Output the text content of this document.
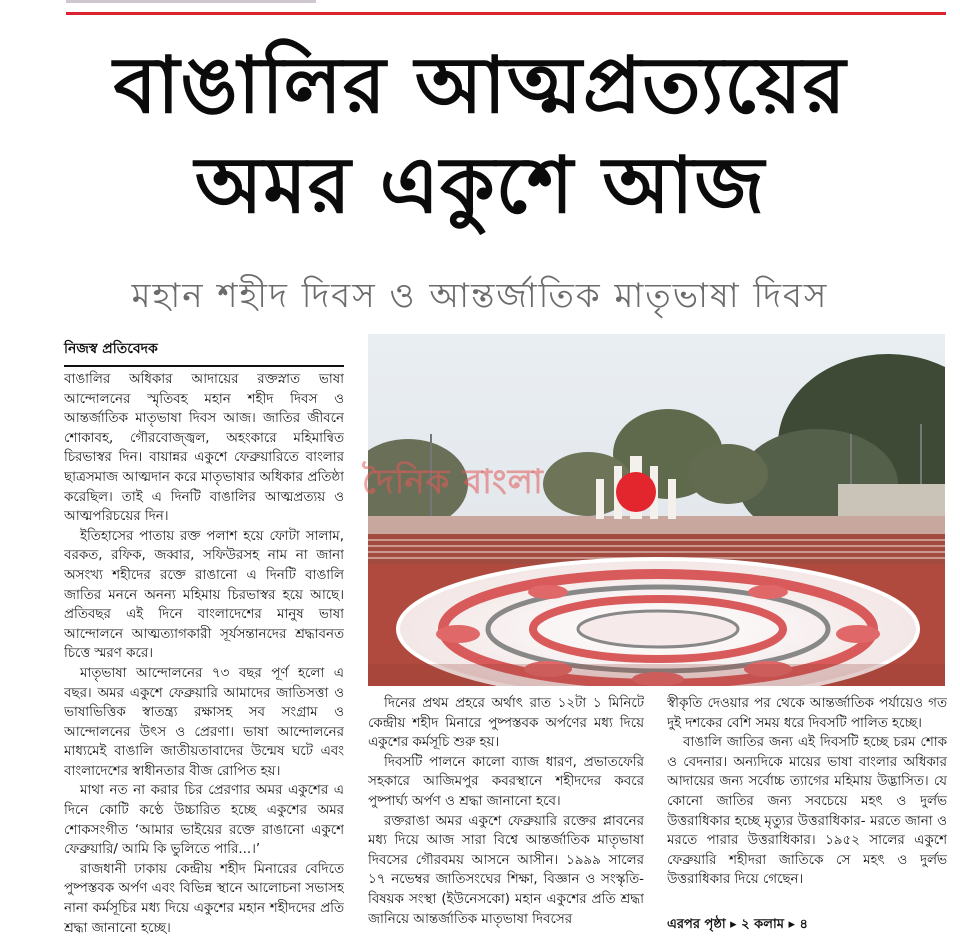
বাঙালির আত্মপ্রত্যয়ের
অমর একুশে আজ
মহান শহীদ দিবস ও আন্তর্জাতিক মাতৃভাষা দিবস
নিজস্ব প্রতিবেদক

বাঙালির অধিকার আদায়ের রক্তস্নাত ভাষা আন্দোলনের স্মৃতিবহ মহান শহীদ দিবস ও আন্তর্জাতিক মাতৃভাষা দিবস আজ। জাতির জীবনে শোকাবহ, গৌরবোজ্জ্বল, অহংকারে মহিমান্বিত চিরভাস্বর দিন। বায়ান্নর একুশে ফেব্রুয়ারিতে বাংলার ছাত্রসমাজ আত্মদান করে মাতৃভাষার অধিকার প্রতিষ্ঠা করেছিল। তাই এ দিনটি বাঙালির আত্মপ্রত্যয় ও আত্মপরিচয়ের দিন।

ইতিহাসের পাতায় রক্ত পলাশ হয়ে ফোটা সালাম, বরকত, রফিক, জব্বার, সফিউরসহ নাম না জানা অসংখ্য শহীদের রক্তে রাঙানো এ দিনটি বাঙালি জাতির মননে অনন্য মহিমায় চিরভাস্বর হয়ে আছে। প্রতিবছর এই দিনে বাংলাদেশের মানুষ ভাষা আন্দোলনে আত্মত্যাগকারী সূর্যসন্তানদের শ্রদ্ধাবনত চিত্তে স্মরণ করে।

মাতৃভাষা আন্দোলনের ৭৩ বছর পূর্ণ হলো এ বছর। অমর একুশে ফেব্রুয়ারি আমাদের জাতিসত্তা ও ভাষাভিত্তিক স্বাতন্ত্র্য রক্ষাসহ সব সংগ্রাম ও আন্দোলনের উৎস ও প্রেরণা। ভাষা আন্দোলনের মাধ্যমেই বাঙালি জাতীয়তাবাদের উন্মেষ ঘটে এবং বাংলাদেশের স্বাধীনতার বীজ রোপিত হয়।

মাথা নত না করার চির প্রেরণার অমর একুশের এ দিনে কোটি কণ্ঠে উচ্চারিত হচ্ছে একুশের অমর শোকসংগীত ‘আমার ভাইয়ের রক্তে রাঙানো একুশে ফেব্রুয়ারি/ আমি কি ভুলিতে পারি...।’

রাজধানী ঢাকায় কেন্দ্রীয় শহীদ মিনারের বেদিতে পুষ্পস্তবক অর্পণ এবং বিভিন্ন স্থানে আলোচনা সভাসহ নানা কর্মসূচির মধ্য দিয়ে একুশের মহান শহীদদের প্রতি শ্রদ্ধা জানানো হচ্ছে।

দৈনিক বাংলা

দিনের প্রথম প্রহরে অর্থাৎ রাত ১২টা ১ মিনিটে কেন্দ্রীয় শহীদ মিনারে পুষ্পস্তবক অর্পণের মধ্য দিয়ে একুশের কর্মসূচি শুরু হয়।

দিবসটি পালনে কালো ব্যাজ ধারণ, প্রভাতফেরি সহকারে আজিমপুর কবরস্থানে শহীদদের কবরে পুষ্পার্ঘ্য অর্পণ ও শ্রদ্ধা জানানো হবে।

রক্তরাঙা অমর একুশে ফেব্রুয়ারি রক্তের প্লাবনের মধ্য দিয়ে আজ সারা বিশ্বে আন্তর্জাতিক মাতৃভাষা দিবসের গৌরবময় আসনে আসীন। ১৯৯৯ সালের ১৭ নভেম্বর জাতিসংঘের শিক্ষা, বিজ্ঞান ও সংস্কৃতি-বিষয়ক সংস্থা (ইউনেসকো) মহান একুশের প্রতি শ্রদ্ধা জানিয়ে আন্তর্জাতিক মাতৃভাষা দিবসের

স্বীকৃতি দেওয়ার পর থেকে আন্তর্জাতিক পর্যায়েও গত দুই দশকের বেশি সময় ধরে দিবসটি পালিত হচ্ছে।

বাঙালি জাতির জন্য এই দিবসটি হচ্ছে চরম শোক ও বেদনার। অন্যদিকে মায়ের ভাষা বাংলার অধিকার আদায়ের জন্য সর্বোচ্চ ত্যাগের মহিমায় উদ্ভাসিত। যে কোনো জাতির জন্য সবচেয়ে মহৎ ও দুর্লভ উত্তরাধিকার হচ্ছে মৃত্যুর উত্তরাধিকার- মরতে জানা ও মরতে পারার উত্তরাধিকার। ১৯৫২ সালের একুশে ফেব্রুয়ারি শহীদরা জাতিকে সে মহৎ ও দুর্লভ উত্তরাধিকার দিয়ে গেছেন।

এরপর পৃষ্ঠা ▸ ২ কলাম ▸ ৪
